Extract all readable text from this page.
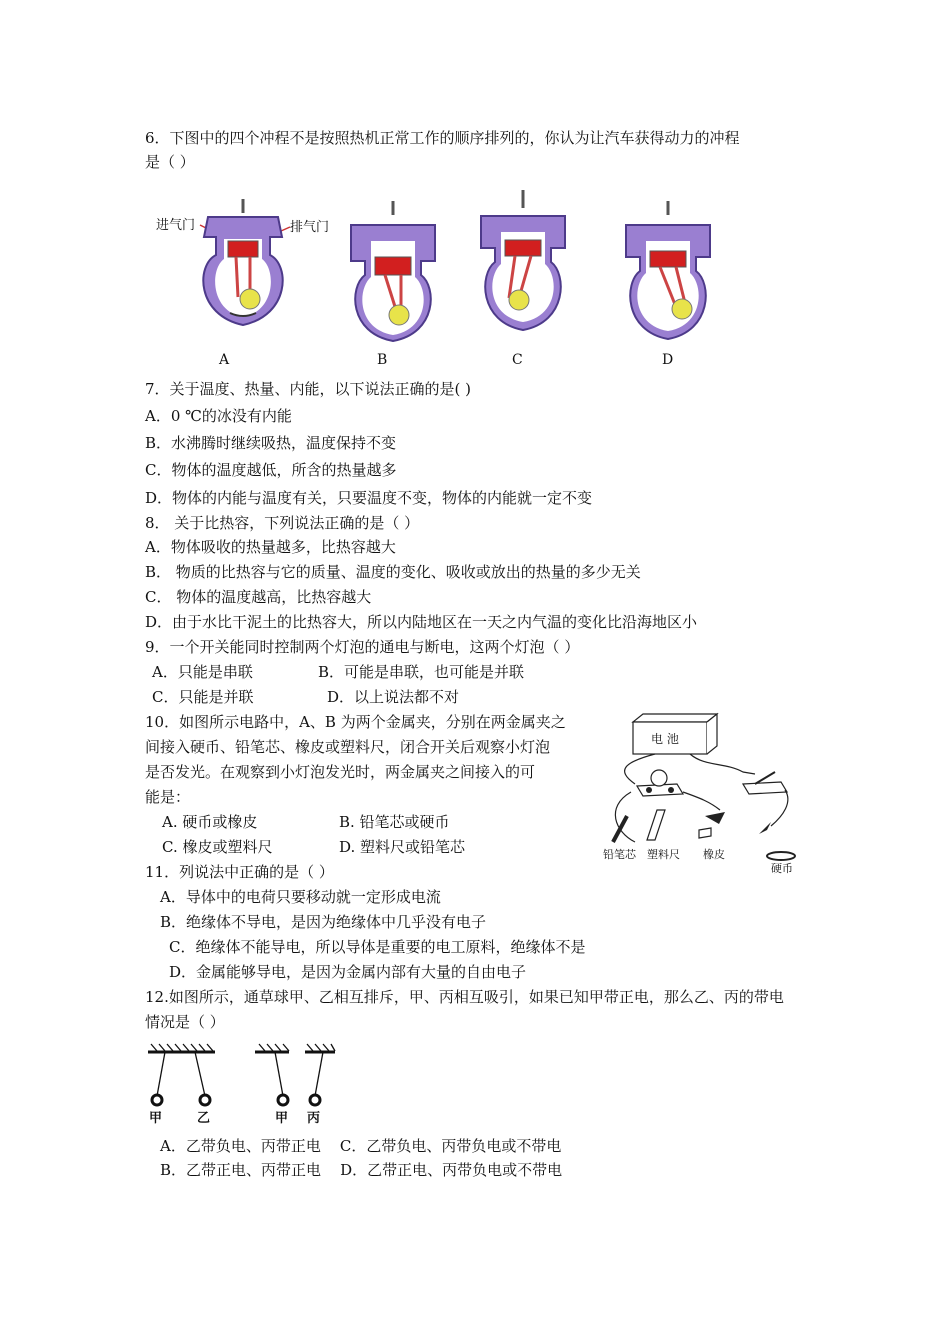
6．下图中的四个冲程不是按照热机正常工作的顺序排列的，你认为让汽车获得动力的冲程
是（ ）
进气门	排气门
A	B	C	D
7．关于温度、热量、内能，以下说法正确的是( )
A．0 ℃的冰没有内能
B．水沸腾时继续吸热，温度保持不变
C．物体的温度越低，所含的热量越多
D．物体的内能与温度有关，只要温度不变，物体的内能就一定不变
8． 关于比热容，下列说法正确的是（ ）
A．物体吸收的热量越多，比热容越大
B． 物质的比热容与它的质量、温度的变化、吸收或放出的热量的多少无关
C． 物体的温度越高，比热容越大
D．由于水比干泥土的比热容大，所以内陆地区在一天之内气温的变化比沿海地区小
9．一个开关能同时控制两个灯泡的通电与断电，这两个灯泡（ ）
A．只能是串联	B．可能是串联，也可能是并联
C．只能是并联	D．以上说法都不对
10．如图所示电路中，A、B 为两个金属夹，分别在两金属夹之
间接入硬币、铅笔芯、橡皮或塑料尺，闭合开关后观察小灯泡
是否发光。在观察到小灯泡发光时，两金属夹之间接入的可
能是：
A. 硬币或橡皮	B. 铅笔芯或硬币
C. 橡皮或塑料尺	D. 塑料尺或铅笔芯
电 池
铅笔芯 塑料尺 橡皮
硬币
11．列说法中正确的是（ ）
A．导体中的电荷只要移动就一定形成电流
B．绝缘体不导电，是因为绝缘体中几乎没有电子
C．绝缘体不能导电，所以导体是重要的电工原料，绝缘体不是
D．金属能够导电，是因为金属内部有大量的自由电子
12.如图所示，通草球甲、乙相互排斥，甲、丙相互吸引，如果已知甲带正电，那么乙、丙的带电
情况是（ ）
甲	乙	甲 丙
A．乙带负电、丙带正电    C．乙带负电、丙带负电或不带电
B．乙带正电、丙带正电    D．乙带正电、丙带负电或不带电
